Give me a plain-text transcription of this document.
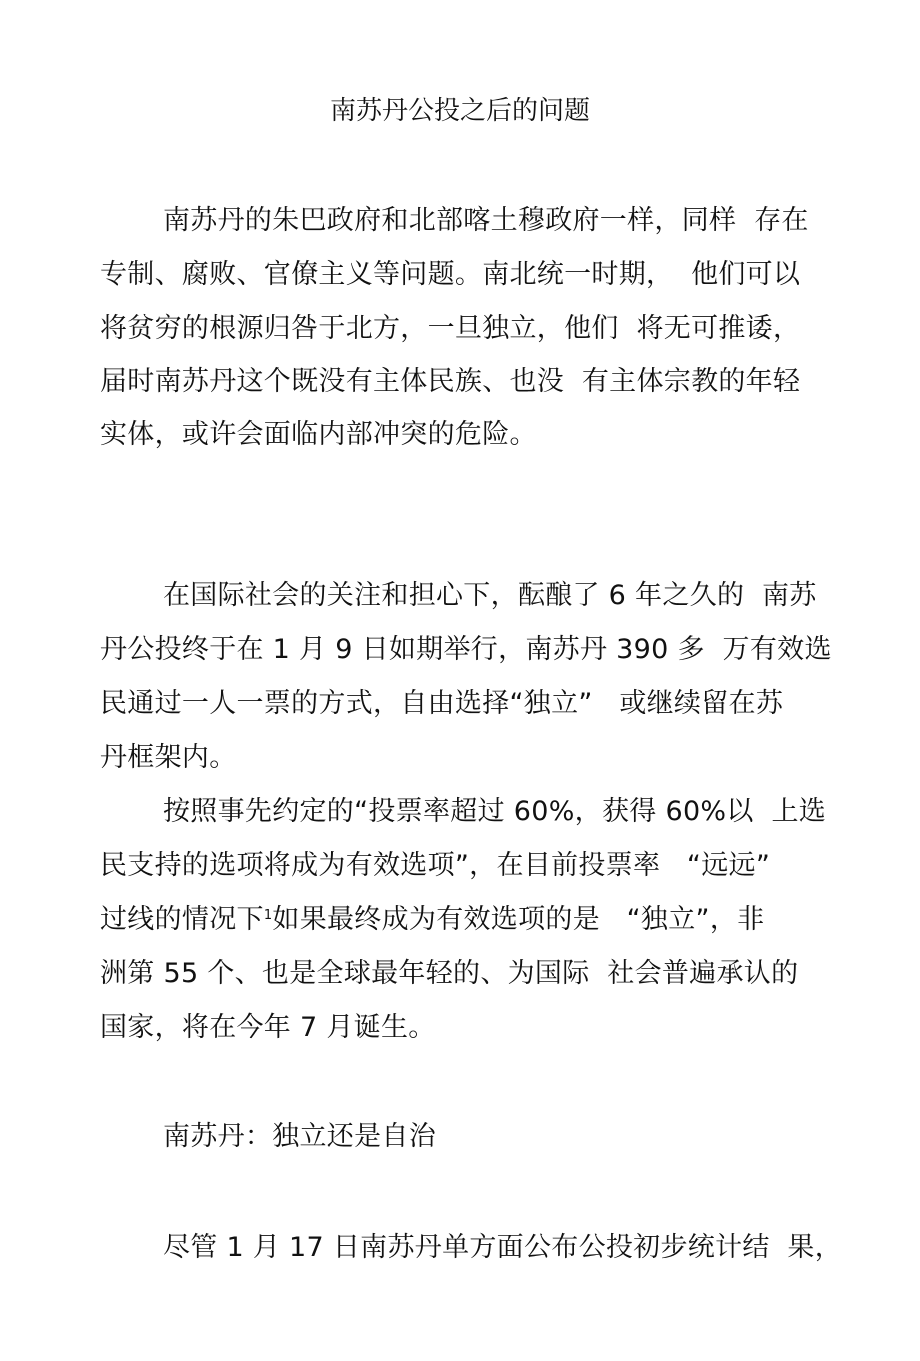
南苏丹公投之后的问题
南苏丹的朱巴政府和北部喀土穆政府一样，同样  存在
专制、腐败、官僚主义等问题。南北统一时期，  他们可以
将贫穷的根源归咎于北方，一旦独立，他们  将无可推诿，
届时南苏丹这个既没有主体民族、也没  有主体宗教的年轻
实体，或许会面临内部冲突的危险。
在国际社会的关注和担心下，酝酿了 6 年之久的  南苏
丹公投终于在 1 月 9 日如期举行，南苏丹 390 多  万有效选
民通过一人一票的方式，自由选择“独立”   或继续留在苏
丹框架内。
按照事先约定的“投票率超过 60%，获得 60%以  上选
民支持的选项将成为有效选项”，在目前投票率   “远远”
过线的情况下$^1$如果最终成为有效选项的是   “独立”，非
洲第 55 个、也是全球最年轻的、为国际  社会普遍承认的
国家，将在今年 7 月诞生。
南苏丹：独立还是自治
尽管 1 月 17 日南苏丹单方面公布公投初步统计结  果，
